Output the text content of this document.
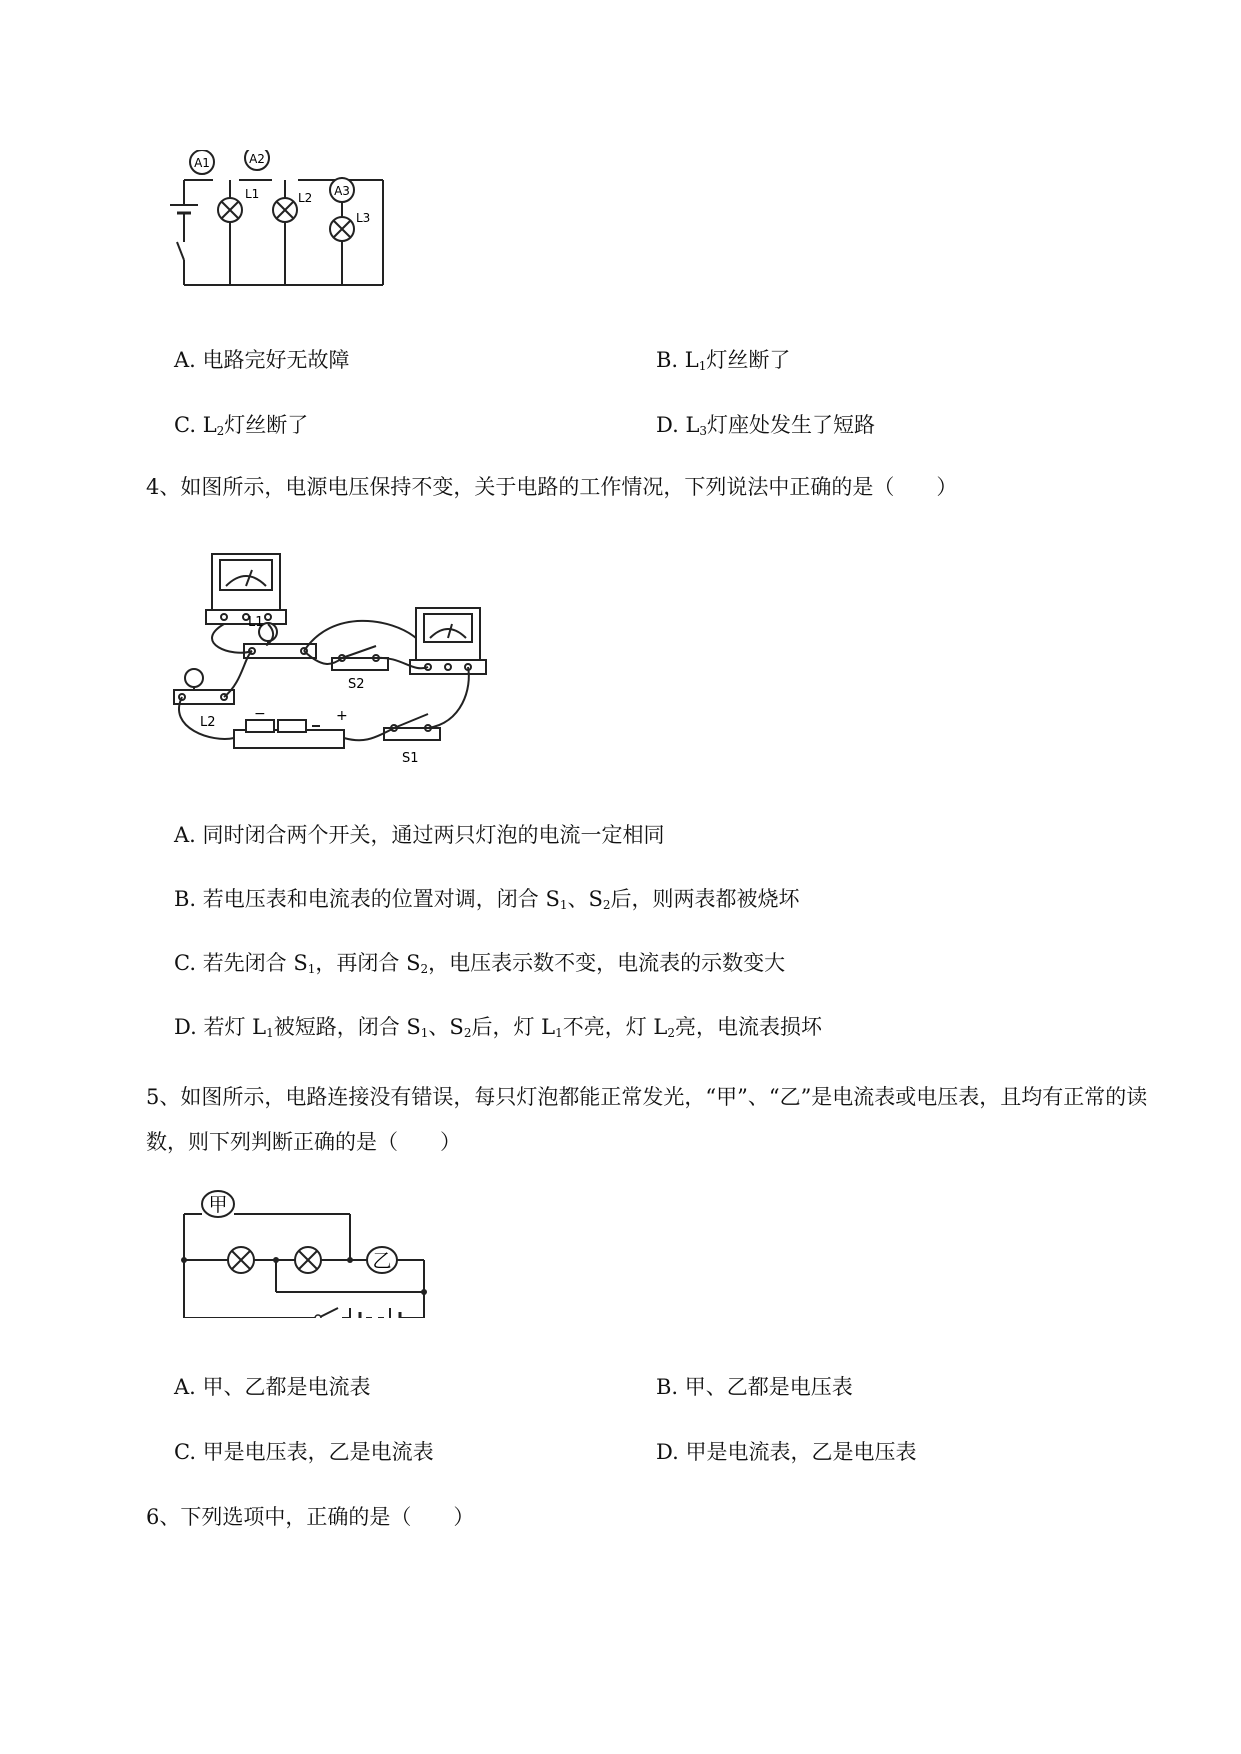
A1	A2
A3
L1	L2
L3
A. 电路完好无故障	B. $L_1$灯丝断了
C. $L_2$灯丝断了	D. $L_3$灯座处发生了短路
4、如图所示，电源电压保持不变，关于电路的工作情况，下列说法中正确的是（　　）
L1
L2
S2
S1
−	+
A. 同时闭合两个开关，通过两只灯泡的电流一定相同
B. 若电压表和电流表的位置对调，闭合 $S_1$、$S_2$后，则两表都被烧坏
C. 若先闭合 $S_1$，再闭合 $S_2$，电压表示数不变，电流表的示数变大
D. 若灯 $L_1$被短路，闭合 $S_1$、$S_2$后，灯 $L_1$不亮，灯 $L_2$亮，电流表损坏
5、如图所示，电路连接没有错误，每只灯泡都能正常发光，“甲”、“乙”是电流表或电压表，且均有正常的读数，则下列判断正确的是（　　）
甲
乙
A. 甲、乙都是电流表	B. 甲、乙都是电压表
C. 甲是电压表，乙是电流表	D. 甲是电流表，乙是电压表
6、下列选项中，正确的是（　　）
